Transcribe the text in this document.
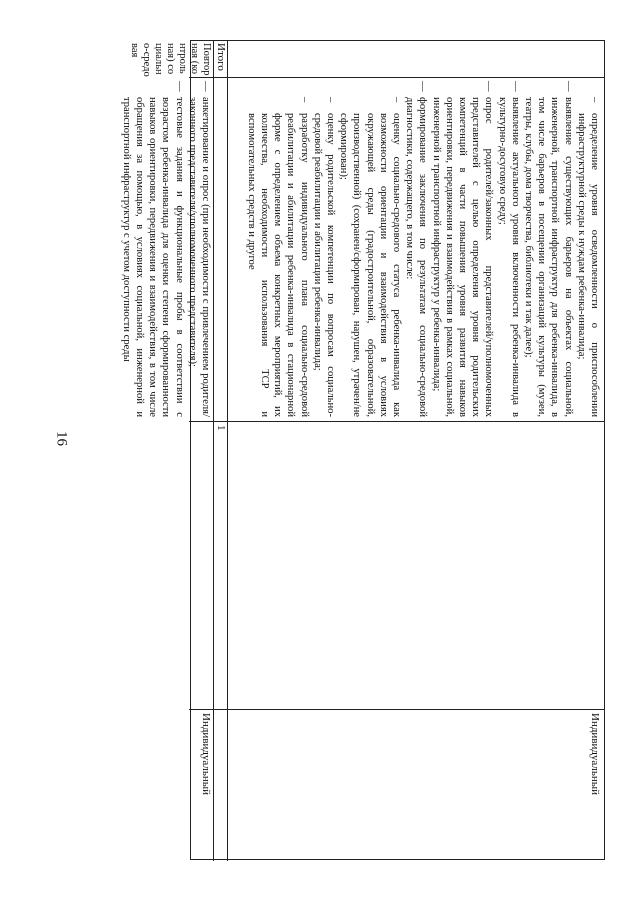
16
–
определение уровня осведомленности о приспособлении инфраструктурной среды к нуждам ребенка-инвалида;
—
выявление существующих барьеров на объектах социальной, инженерной, транспортной инфраструктур для ребенка-инвалида, в том числе барьеров в посещении организаций культуры (музеи, театры, клубы, дома творчества, библиотеки и так далее);
—
выявление актуального уровня включенности ребенка-инвалида в культурно-досуговую среду;
—
опрос родителей/законных представителей/уполномоченных представителей с целью определения уровня родительских компетенций в части повышения уровня развития навыков ориентировки, передвижения и взаимодействия в рамках социальной, инженерной и транспортной инфраструктур у ребенка-инвалида;
—
формирование заключения по результатам социально-средовой диагностики, содержащего, в том числе:
–
оценку социально-средового статуса ребенка-инвалида как возможности ориентации и взаимодействия в условиях окружающей среды (градостроительной, образовательной, производственной) (сохранен/сформирован, нарушен, утрачен/не сформирован);
–
оценку родительской компетенции по вопросам социально-средовой реабилитации и абилитации ребенка-инвалида;
–
разработку индивидуального плана социально-средовой реабилитации и абилитации ребенка-инвалида в стационарной форме с определением объема конкретных мероприятий, их количества, необходимости использования ТСР и вспомогательных средств и другое
Индивидуальный
Итого
1
Повторная (контрольная) социально-средовая
—
анкетирование и опрос (при необходимости с привлечением родителя/законного представителя/уполномоченного представителя);
—
тестовые задания и функциональные пробы в соответствии с возрастом ребенка-инвалида для оценки степени сформированности навыков ориентировки, передвижения и взаимодействия, в том числе обращения за помощью, в условиях социальной, инженерной и транспортной инфраструктур с учетом доступности среды
Индивидуальный
